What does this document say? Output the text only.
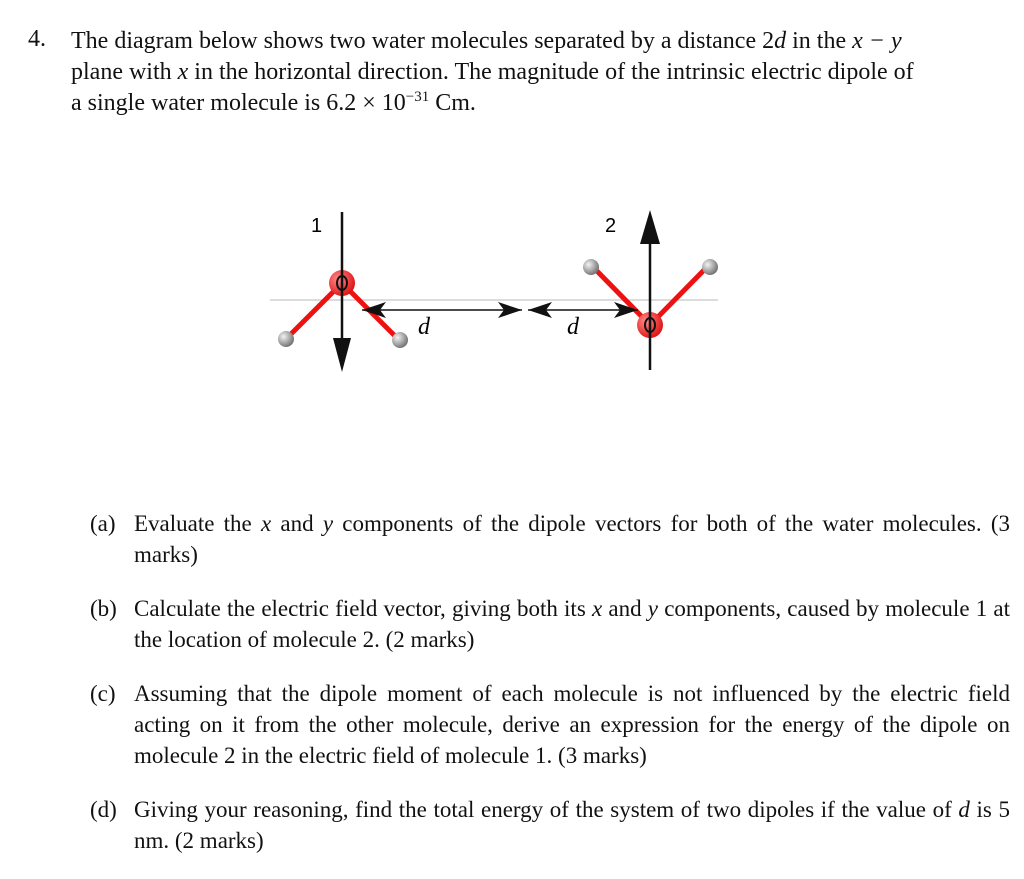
4. The diagram below shows two water molecules separated by a distance 2d in the x − y
plane with x in the horizontal direction. The magnitude of the intrinsic electric dipole of
a single water molecule is $6.2 \times 10^{-31}$ Cm.
1	2
d	d
(a) Evaluate the x and y components of the dipole vectors for both of the water molecules. (3 marks)
(b) Calculate the electric field vector, giving both its x and y components, caused by molecule 1 at the location of molecule 2. (2 marks)
(c) Assuming that the dipole moment of each molecule is not influenced by the electric field acting on it from the other molecule, derive an expression for the energy of the dipole on molecule 2 in the electric field of molecule 1. (3 marks)
(d) Giving your reasoning, find the total energy of the system of two dipoles if the value of d is 5 nm. (2 marks)
